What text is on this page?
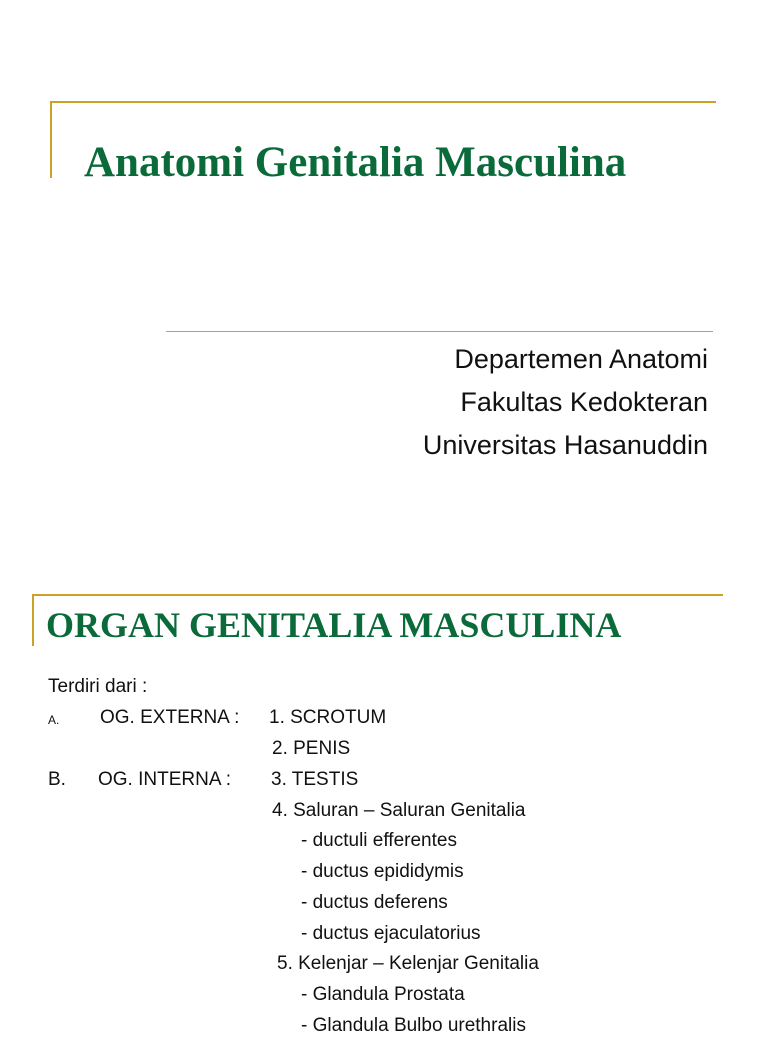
Anatomi Genitalia Masculina
Departemen Anatomi
Fakultas Kedokteran
Universitas Hasanuddin
ORGAN GENITALIA MASCULINA
Terdiri dari :
A. OG. EXTERNA :
B. OG. INTERNA :
1. SCROTUM
2. PENIS
3. TESTIS
4. Saluran – Saluran Genitalia
- ductuli efferentes
- ductus epididymis
- ductus deferens
- ductus ejaculatorius
5. Kelenjar – Kelenjar Genitalia
- Glandula Prostata
- Glandula Bulbo urethralis
